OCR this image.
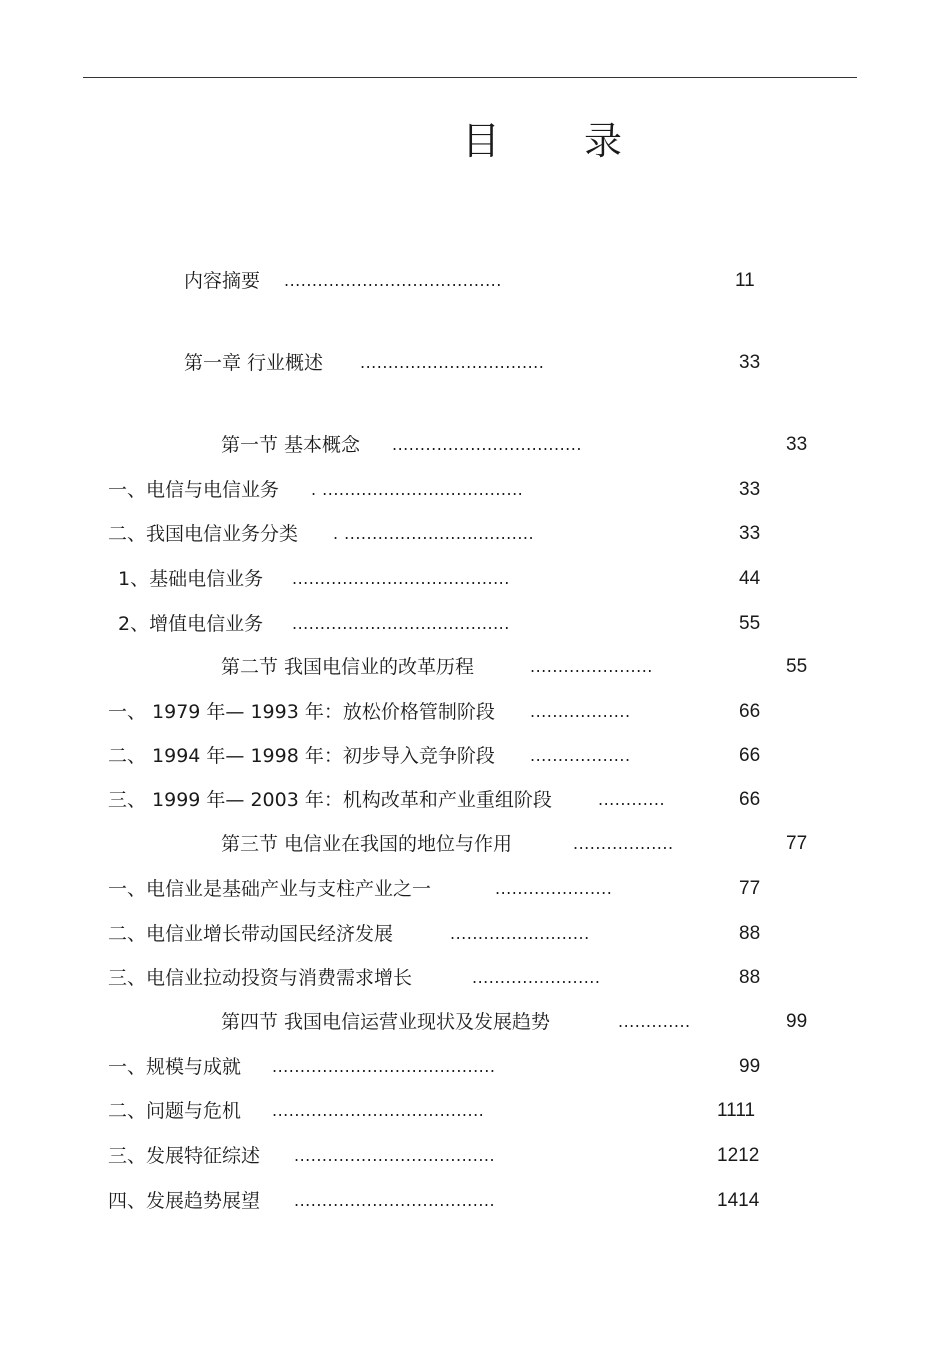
目 录
内容摘要 .......................................	11
第一章 行业概述 .................................	33
第一节 基本概念 ..................................	33
一、电信与电信业务 . ....................................	33
二、我国电信业务分类 . ..................................	33
1、基础电信业务 .......................................	44
2、增值电信业务 .......................................	55
第二节 我国电信业的改革历程	......................	55
一、 1979 年— 1993 年：放松价格管制阶段 ..................	66
二、 1994 年— 1998 年：初步导入竞争阶段 ..................	66
三、 1999 年— 2003 年：机构改革和产业重组阶段	............	66
第三节 电信业在我国的地位与作用	..................	77
一、电信业是基础产业与支柱产业之一	.....................	77
二、电信业增长带动国民经济发展	.........................	88
三、电信业拉动投资与消费需求增长	.......................	88
第四节 我国电信运营业现状及发展趋势	.............	99
一、规模与成就 ........................................	99
二、问题与危机 ......................................	1111
三、发展特征综述 ....................................	1212
四、发展趋势展望 ....................................	1414
